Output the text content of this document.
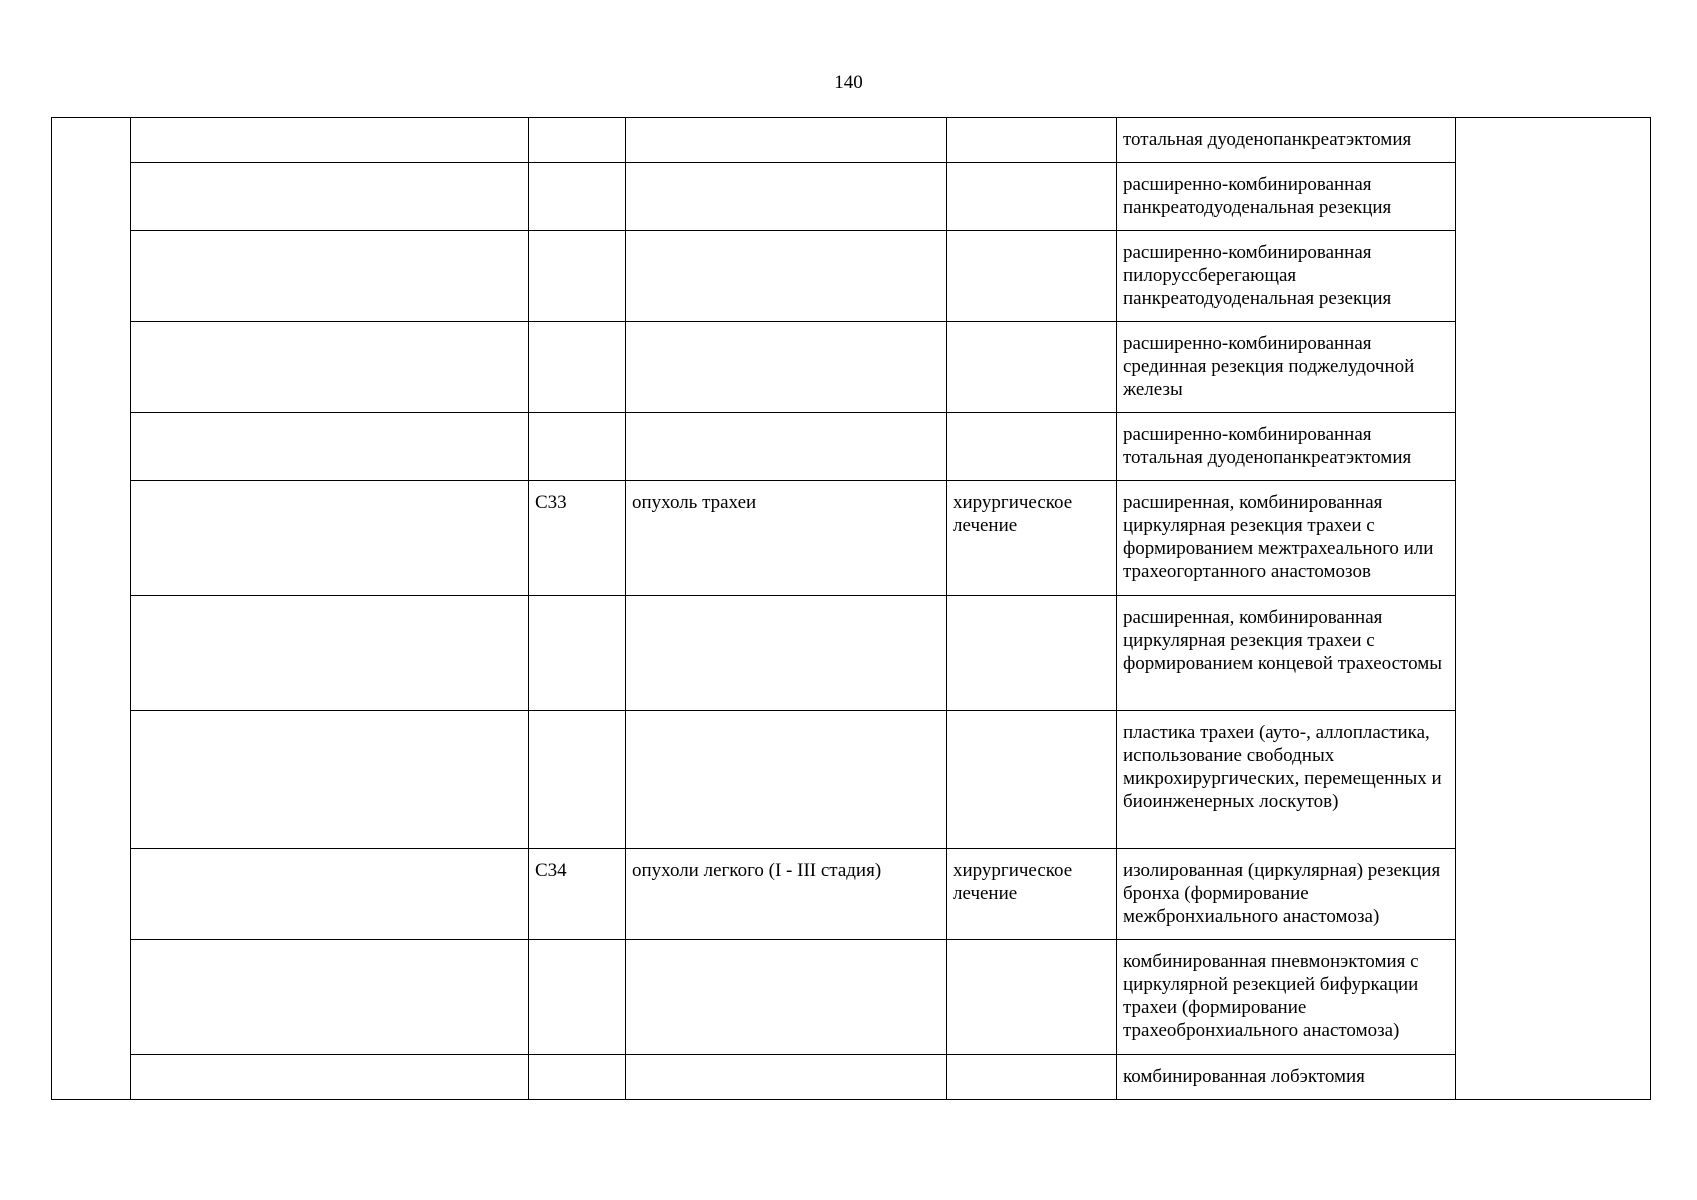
140
					тотальная дуоденопанкреатэктомия	
					расширенно-комбинированная панкреатодуоденальная резекция	
					расширенно-комбинированная пилоруссберегающая панкреатодуоденальная резекция	
					расширенно-комбинированная срединная резекция поджелудочной железы	
					расширенно-комбинированная тотальная дуоденопанкреатэктомия	
		C33	опухоль трахеи	хирургическое лечение	расширенная, комбинированная циркулярная резекция трахеи с формированием межтрахеального или трахеогортанного анастомозов	
					расширенная, комбинированная циркулярная резекция трахеи с формированием концевой трахеостомы	
					пластика трахеи (ауто-, аллопластика, использование свободных микрохирургических, перемещенных и биоинженерных лоскутов)	
		C34	опухоли легкого (I - III стадия)	хирургическое лечение	изолированная (циркулярная) резекция бронха (формирование межбронхиального анастомоза)	
					комбинированная пневмонэктомия с циркулярной резекцией бифуркации трахеи (формирование трахеобронхиального анастомоза)	
					комбинированная лобэктомия	
